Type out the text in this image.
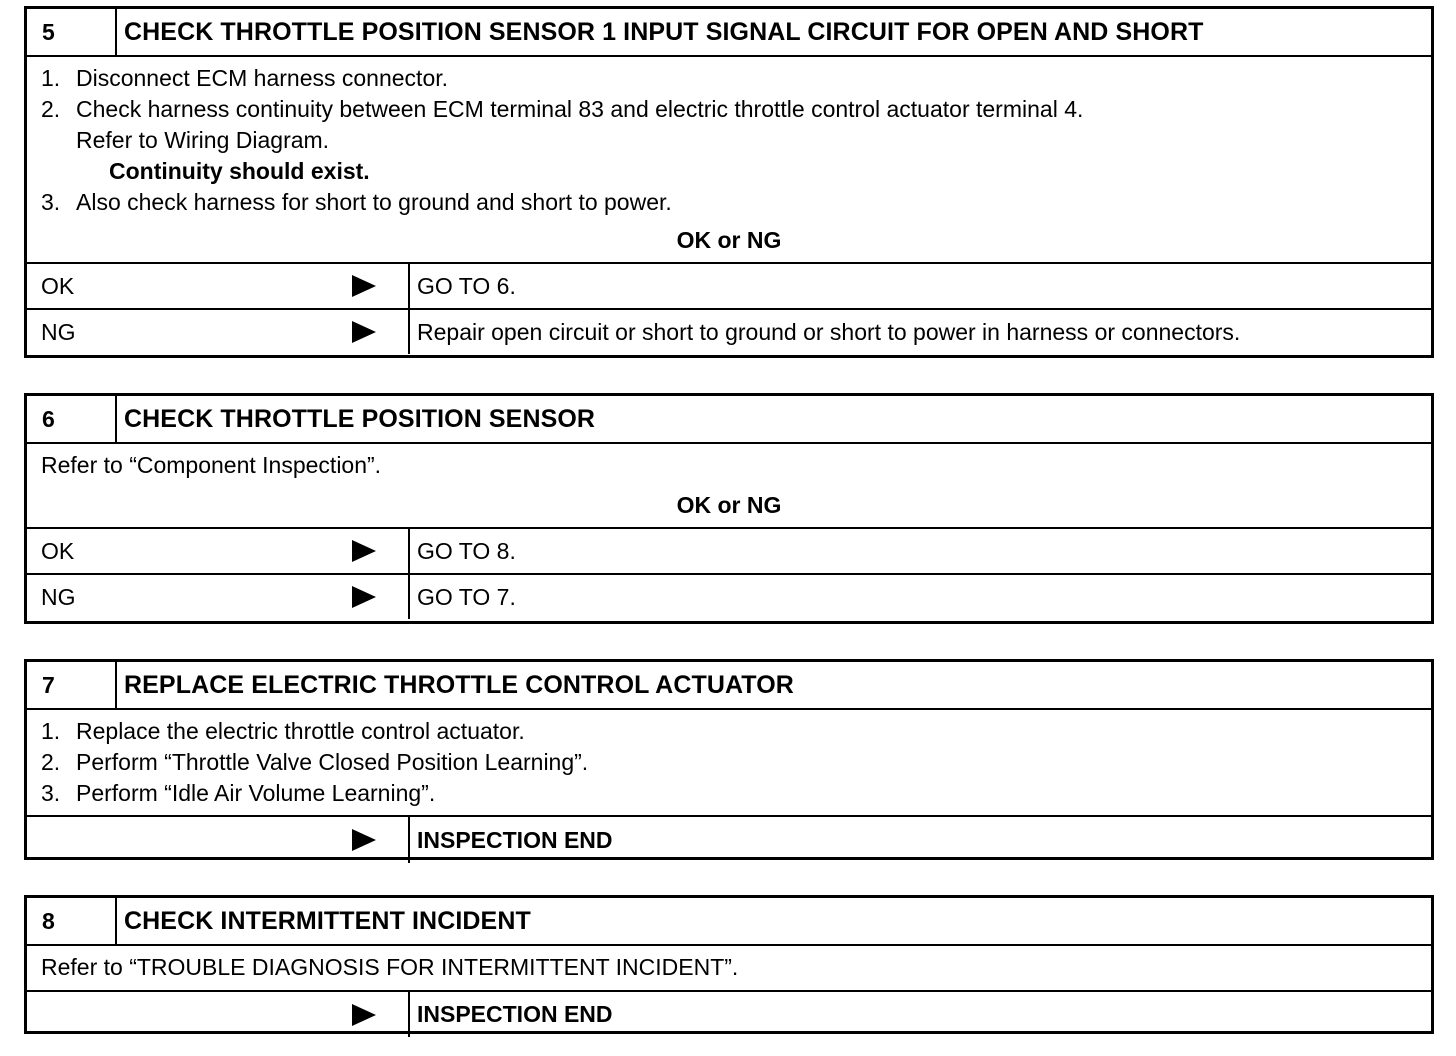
5	CHECK THROTTLE POSITION SENSOR 1 INPUT SIGNAL CIRCUIT FOR OPEN AND SHORT
1. Disconnect ECM harness connector.
2. Check harness continuity between ECM terminal 83 and electric throttle control actuator terminal 4.
Refer to Wiring Diagram.
Continuity should exist.
3. Also check harness for short to ground and short to power.
OK or NG
OK	GO TO 6.
NG	Repair open circuit or short to ground or short to power in harness or connectors.
6	CHECK THROTTLE POSITION SENSOR
Refer to “Component Inspection”.
OK or NG
OK	GO TO 8.
NG	GO TO 7.
7	REPLACE ELECTRIC THROTTLE CONTROL ACTUATOR
1. Replace the electric throttle control actuator.
2. Perform “Throttle Valve Closed Position Learning”.
3. Perform “Idle Air Volume Learning”.
INSPECTION END
8	CHECK INTERMITTENT INCIDENT
Refer to “TROUBLE DIAGNOSIS FOR INTERMITTENT INCIDENT”.
INSPECTION END
